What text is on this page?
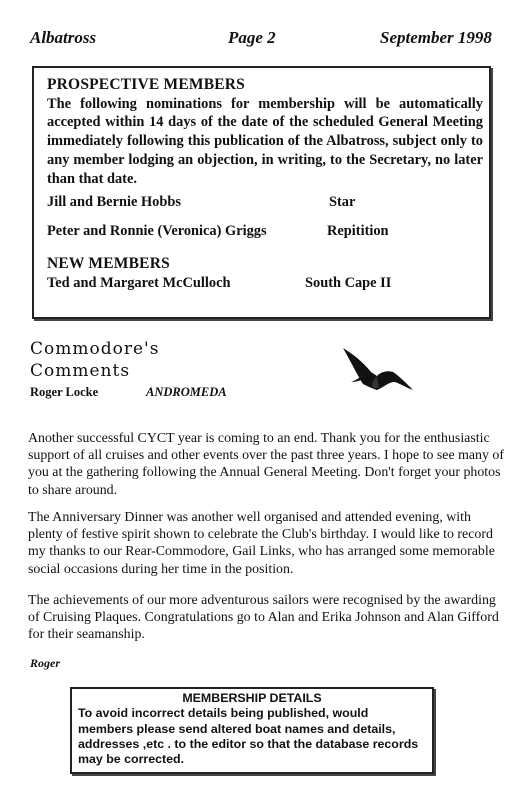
Albatross	Page 2	September 1998
PROSPECTIVE MEMBERS

The following nominations for membership will be automatically accepted within 14 days of the date of the scheduled General Meeting immediately following this publication of the Albatross, subject only to any member lodging an objection, in writing, to the Secretary, no later than that date.

Jill and Bernie Hobbs	Star
Peter and Ronnie (Veronica) Griggs	Repitition
NEW MEMBERS
Ted and Margaret McCulloch	South Cape II
Commodore's
Comments
Roger Locke	ANDROMEDA

Another successful CYCT year is coming to an end. Thank you for the enthusiastic support of all cruises and other events over the past three years. I hope to see many of you at the gathering following the Annual General Meeting. Don't forget your photos to share around.

The Anniversary Dinner was another well organised and attended evening, with plenty of festive spirit shown to celebrate the Club's birthday. I would like to record my thanks to our Rear-Commodore, Gail Links, who has arranged some memorable social occasions during her time in the position.

The achievements of our more adventurous sailors were recognised by the awarding of Cruising Plaques. Congratulations go to Alan and Erika Johnson and Alan Gifford for their seamanship.

Roger
MEMBERSHIP DETAILS

To avoid incorrect details being published, would members please send altered boat names and details, addresses ,etc . to the editor so that the database records may be corrected.
